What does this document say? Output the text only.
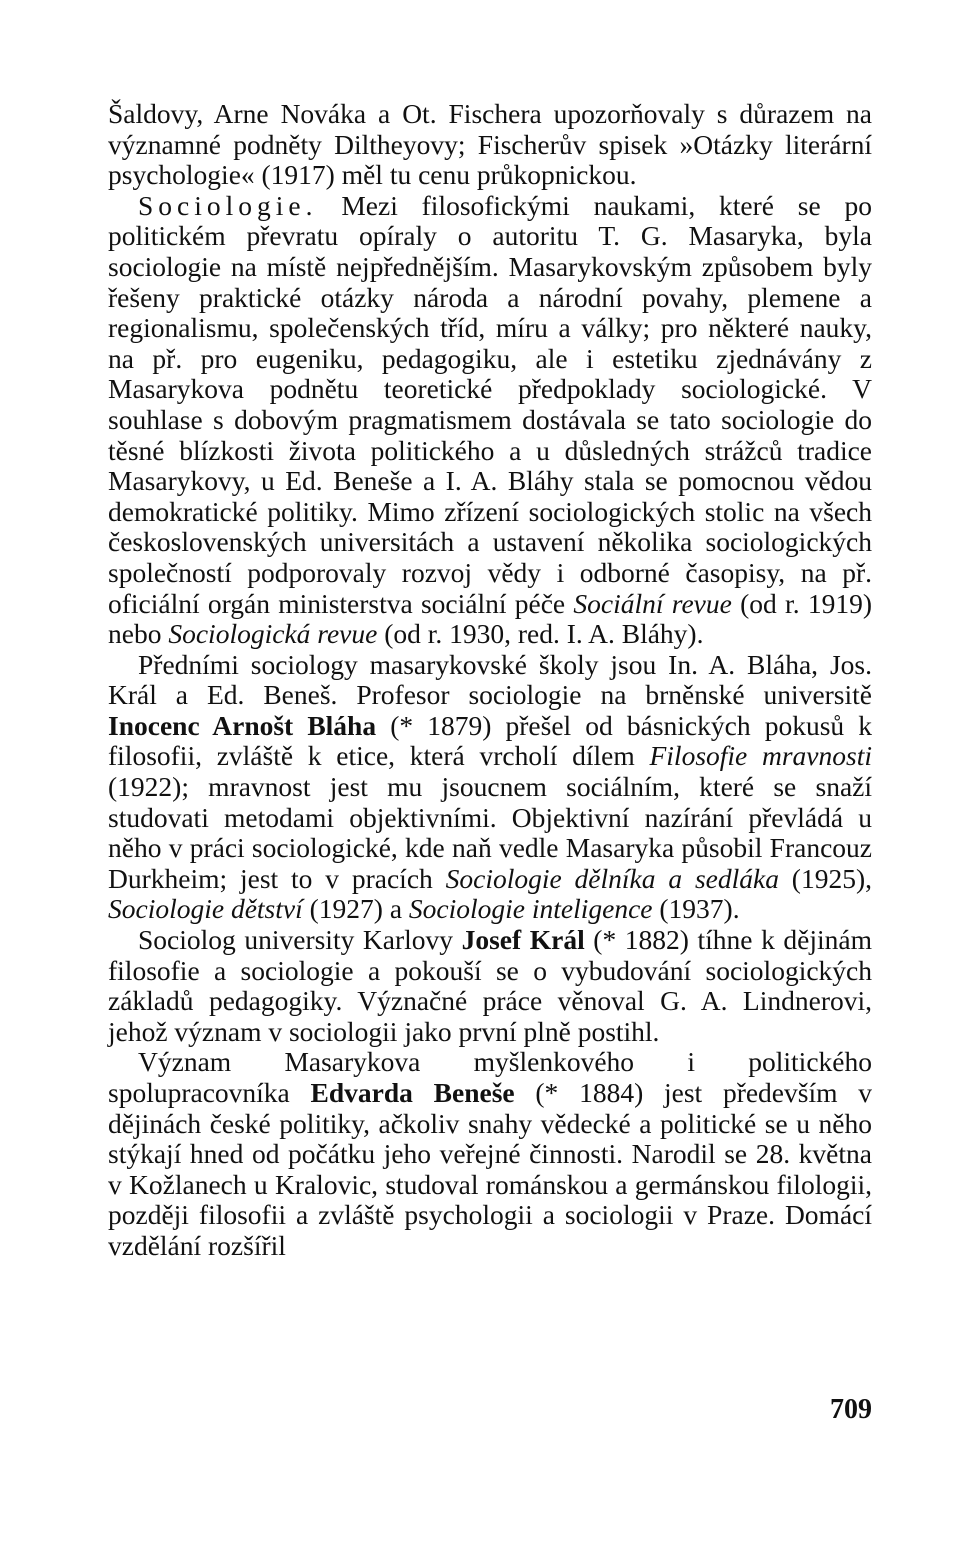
Šaldovy, Arne Nováka a Ot. Fischera upozorňovaly s důrazem na významné podněty Diltheyovy; Fischerův spisek »Otázky literární psychologie« (1917) měl tu cenu průkopnickou.

Sociologie. Mezi filosofickými naukami, které se po politickém převratu opíraly o autoritu T. G. Masaryka, byla sociologie na místě nejpřednějším. Masarykovským způsobem byly řešeny praktické otázky národa a národní povahy, plemene a regionalismu, společenských tříd, míru a války; pro některé nauky, na př. pro eugeniku, pedagogiku, ale i estetiku zjednávány z Masarykova podnětu teoretické předpoklady sociologické. V souhlase s dobovým pragmatismem dostávala se tato sociologie do těsné blízkosti života politického a u důsledných strážců tradice Masarykovy, u Ed. Beneše a I. A. Bláhy stala se pomocnou vědou demokratické politiky. Mimo zřízení sociologických stolic na všech československých universitách a ustavení několika sociologických společností podporovaly rozvoj vědy i odborné časopisy, na př. oficiální orgán ministerstva sociální péče Sociální revue (od r. 1919) nebo Sociologická revue (od r. 1930, red. I. A. Bláhy).

Předními sociology masarykovské školy jsou In. A. Bláha, Jos. Král a Ed. Beneš. Profesor sociologie na brněnské universitě Inocenc Arnošt Bláha (* 1879) přešel od básnických pokusů k filosofii, zvláště k etice, která vrcholí dílem Filosofie mravnosti (1922); mravnost jest mu jsoucnem sociálním, které se snaží studovati metodami objektivními. Objektivní nazírání převládá u něho v práci sociologické, kde naň vedle Masaryka působil Francouz Durkheim; jest to v pracích Sociologie dělníka a sedláka (1925), Sociologie dětství (1927) a Sociologie inteligence (1937).

Sociolog university Karlovy Josef Král (* 1882) tíhne k dějinám filosofie a sociologie a pokouší se o vybudování sociologických základů pedagogiky. Význačné práce věnoval G. A. Lindnerovi, jehož význam v sociologii jako první plně postihl.

Význam Masarykova myšlenkového i politického spolupracovníka Edvarda Beneše (* 1884) jest především v dějinách české politiky, ačkoliv snahy vědecké a politické se u něho stýkají hned od počátku jeho veřejné činnosti. Narodil se 28. května v Kožlanech u Kralovic, studoval románskou a germánskou filologii, později filosofii a zvláště psychologii a sociologii v Praze. Domácí vzdělání rozšířil

709
